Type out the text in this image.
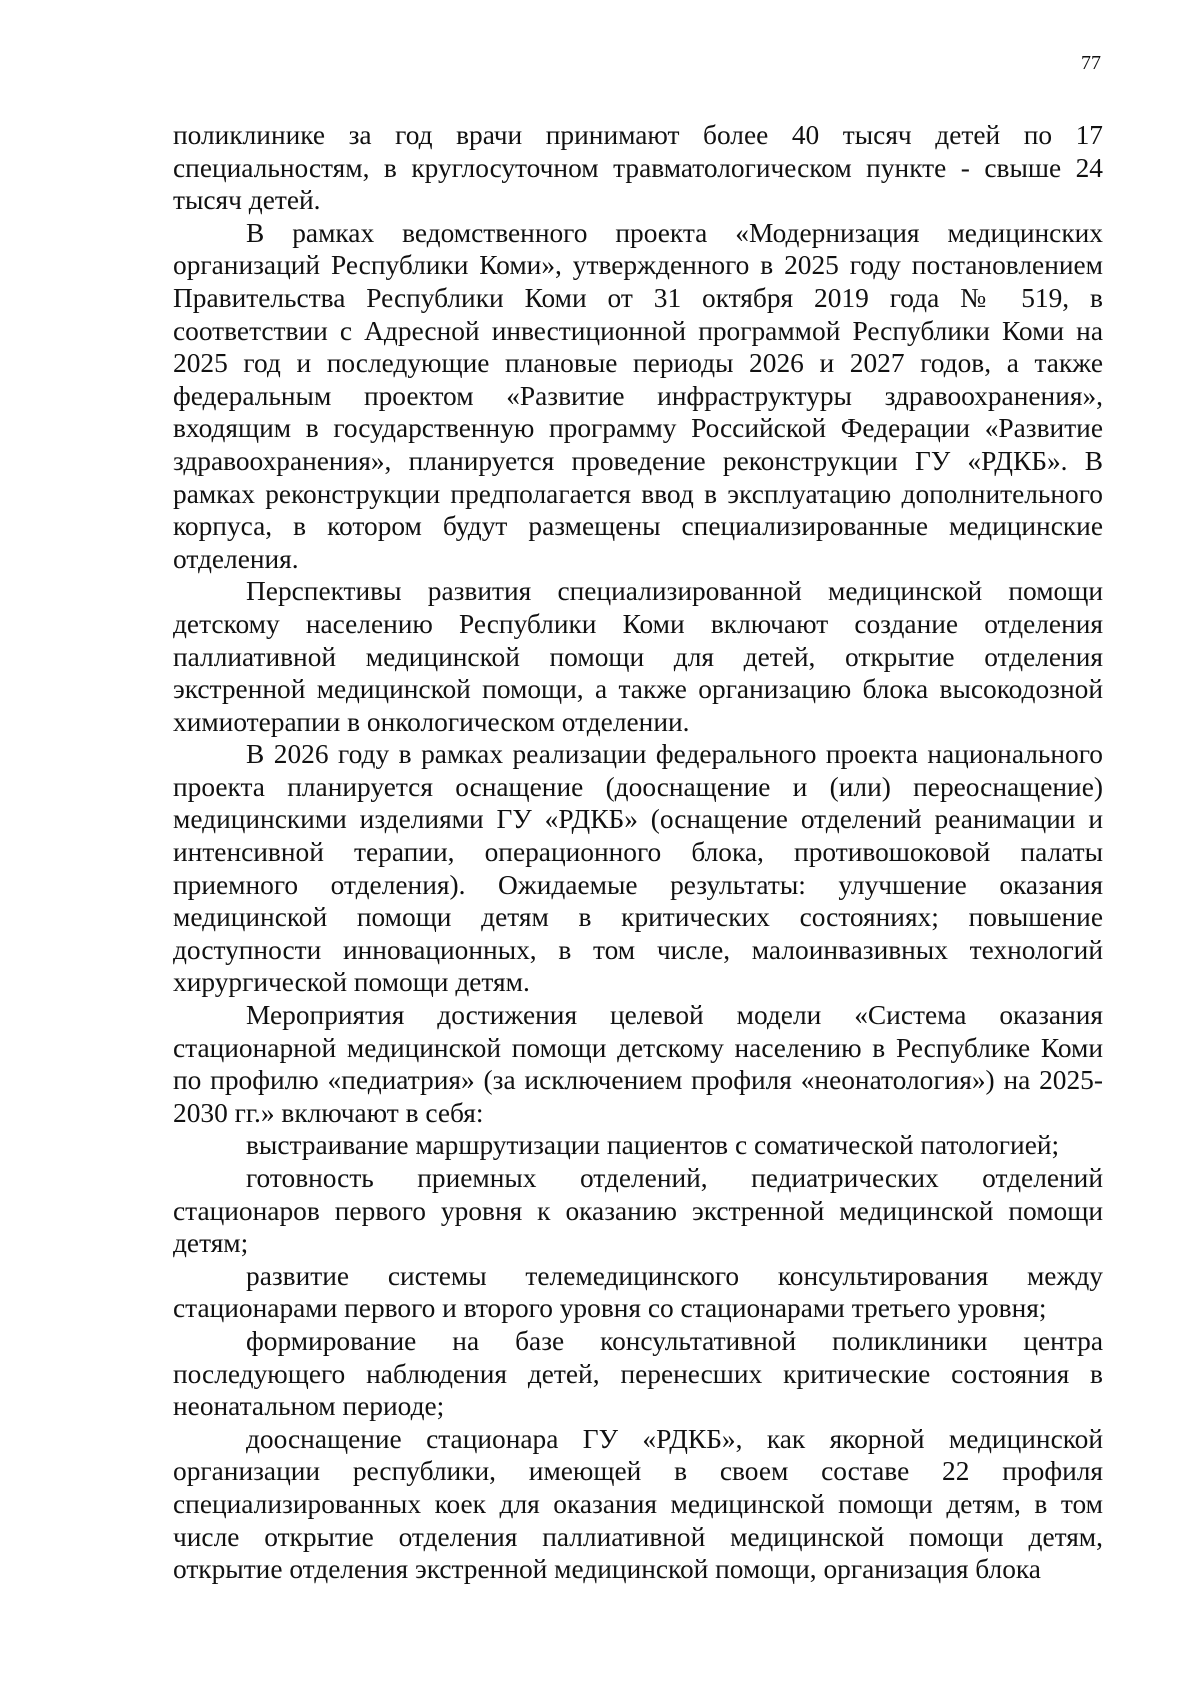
77

поликлинике за год врачи принимают более 40 тысяч детей по 17 специальностям, в круглосуточном травматологическом пункте - свыше 24 тысяч детей.

В рамках ведомственного проекта «Модернизация медицинских организаций Республики Коми», утвержденного в 2025 году постановлением Правительства Республики Коми от 31 октября 2019 года № 519, в соответствии с Адресной инвестиционной программой Республики Коми на 2025 год и последующие плановые периоды 2026 и 2027 годов, а также федеральным проектом «Развитие инфраструктуры здравоохранения», входящим в государственную программу Российской Федерации «Развитие здравоохранения», планируется проведение реконструкции ГУ «РДКБ». В рамках реконструкции предполагается ввод в эксплуатацию дополнительного корпуса, в котором будут размещены специализированные медицинские отделения.

Перспективы развития специализированной медицинской помощи детскому населению Республики Коми включают создание отделения паллиативной медицинской помощи для детей, открытие отделения экстренной медицинской помощи, а также организацию блока высокодозной химиотерапии в онкологическом отделении.

В 2026 году в рамках реализации федерального проекта национального проекта планируется оснащение (дооснащение и (или) переоснащение) медицинскими изделиями ГУ «РДКБ» (оснащение отделений реанимации и интенсивной терапии, операционного блока, противошоковой палаты приемного отделения). Ожидаемые результаты: улучшение оказания медицинской помощи детям в критических состояниях; повышение доступности инновационных, в том числе, малоинвазивных технологий хирургической помощи детям.

Мероприятия достижения целевой модели «Система оказания стационарной медицинской помощи детскому населению в Республике Коми по профилю «педиатрия» (за исключением профиля «неонатология») на 2025-2030 гг.» включают в себя:

выстраивание маршрутизации пациентов с соматической патологией;

готовность приемных отделений, педиатрических отделений стационаров первого уровня к оказанию экстренной медицинской помощи детям;

развитие системы телемедицинского консультирования между стационарами первого и второго уровня со стационарами третьего уровня;

формирование на базе консультативной поликлиники центра последующего наблюдения детей, перенесших критические состояния в неонатальном периоде;

дооснащение стационара ГУ «РДКБ», как якорной медицинской организации республики, имеющей в своем составе 22 профиля специализированных коек для оказания медицинской помощи детям, в том числе открытие отделения паллиативной медицинской помощи детям, открытие отделения экстренной медицинской помощи, организация блока
